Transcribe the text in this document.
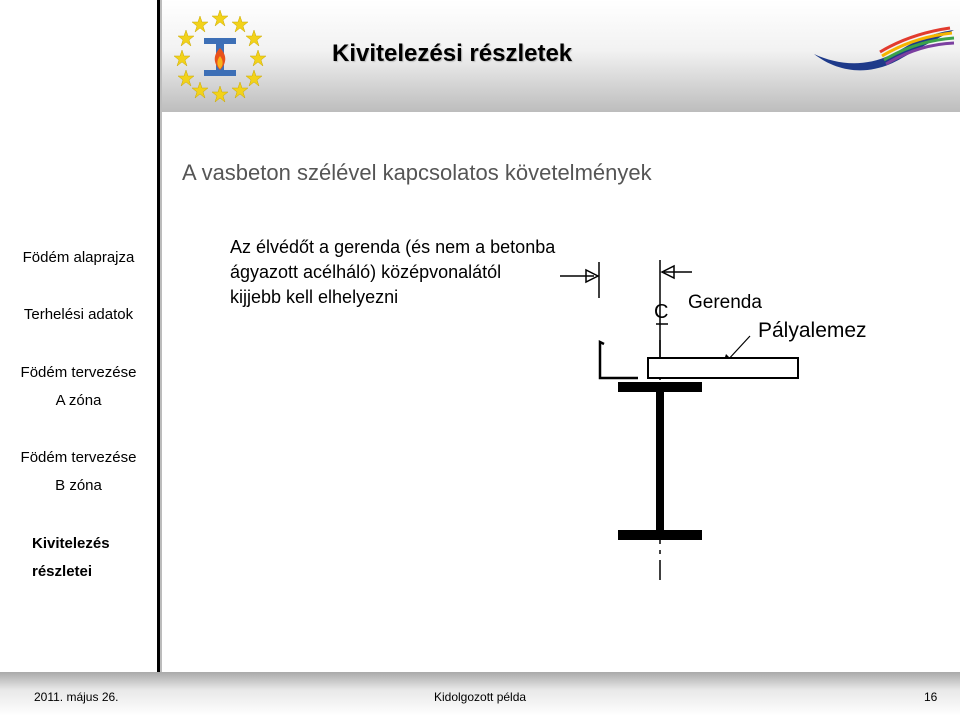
Kivitelezési részletek
A vasbeton szélével kapcsolatos követelmények
Födém alaprajza
Terhelési adatok
Födém tervezése
A zóna
Födém tervezése
B zóna
Kivitelezés
részletei
Az élvédőt a gerenda (és nem a betonba
ágyazott acélháló) középvonalától
kijjebb kell elhelyezni
C Gerenda
Pályalemez
2011. május 26.	Kidolgozott példa	16
